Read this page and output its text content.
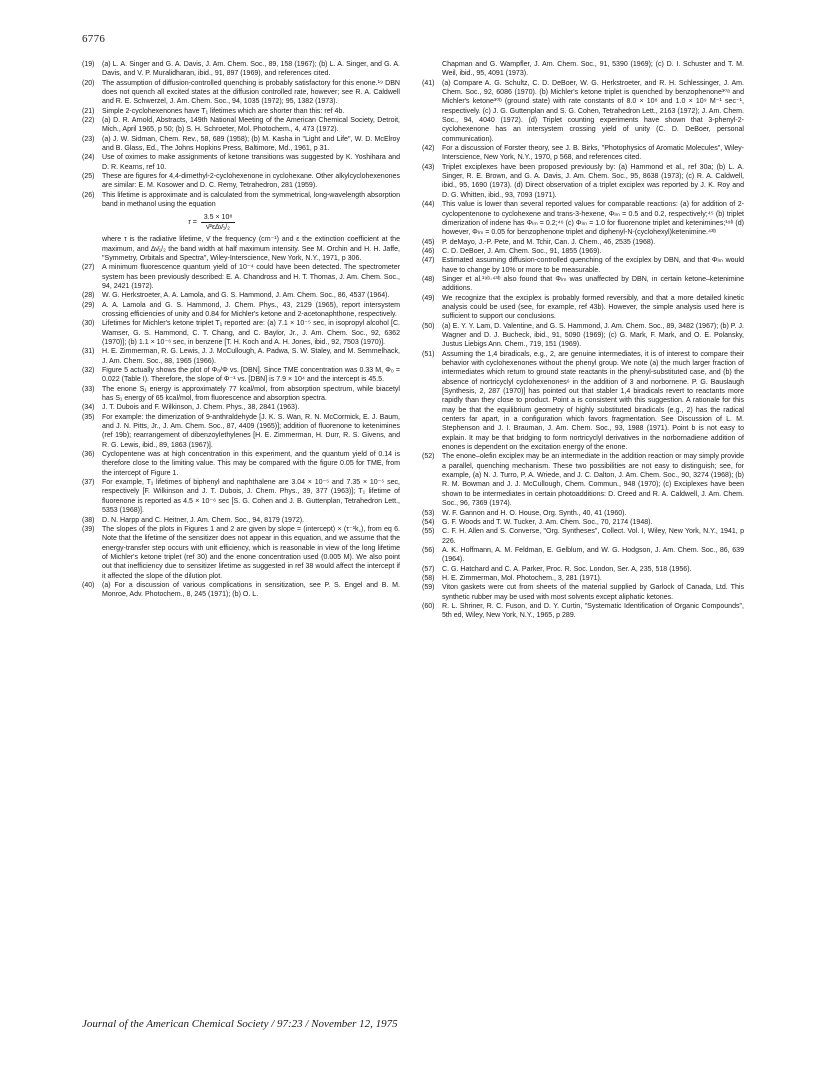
6776
(19)	(a) L. A. Singer and G. A. Davis, J. Am. Chem. Soc., 89, 158 (1967); (b) L. A. Singer, and G. A. Davis, and V. P. Muralidharan, ibid., 91, 897 (1969), and references cited.
(20)	The assumption of diffusion-controlled quenching is probably satisfactory for this enone.¹⁹ DBN does not quench all excited states at the diffusion controlled rate, however; see R. A. Caldwell and R. E. Schwerzel, J. Am. Chem. Soc., 94, 1035 (1972); 95, 1382 (1973).
(21)	Simple 2-cyclohexenones have T₁ lifetimes which are shorter than this: ref 4b.
(22)	(a) D. R. Arnold, Abstracts, 149th National Meeting of the American Chemical Society, Detroit, Mich., April 1965, p 50; (b) S. H. Schroeter, Mol. Photochem., 4, 473 (1972).
(23)	(a) J. W. Sidman, Chem. Rev., 58, 689 (1958); (b) M. Kasha in "Light and Life", W. D. McElroy and B. Glass, Ed., The Johns Hopkins Press, Baltimore, Md., 1961, p 31.
(24)	Use of oximes to make assignments of ketone transitions was suggested by K. Yoshihara and D. R. Kearns, ref 10.
(25)	These are figures for 4,4-dimethyl-2-cyclohexenone in cyclohexane. Other alkylcyclohexenones are similar: E. M. Kosower and D. C. Remy, Tetrahedron, 281 (1959).
(26)	This lifetime is approximate and is calculated from the symmetrical, long-wavelength absorption band in methanol using the equation
$\tau = \frac{\text{3.5 × 10⁸}}{\text{ν̄²ε∆ν̄₁/₂}}$
where τ is the radiative lifetime, ν̄ the frequency (cm⁻¹) and ε the extinction coefficient at the maximum, and ∆ν̄₁/₂ the band width at half maximum intensity. See M. Orchin and H. H. Jaffe, "Symmetry, Orbitals and Spectra", Wiley-Interscience, New York, N.Y., 1971, p 306.
(27)	A minimum fluorescence quantum yield of 10⁻⁴ could have been detected. The spectrometer system has been previously described: E. A. Chandross and H. T. Thomas, J. Am. Chem. Soc., 94, 2421 (1972).
(28)	W. G. Herkstroeter, A. A. Lamola, and G. S. Hammond, J. Am. Chem. Soc., 86, 4537 (1964).
(29)	A. A. Lamola and G. S. Hammond, J. Chem. Phys., 43, 2129 (1965), report intersystem crossing efficiencies of unity and 0.84 for Michler's ketone and 2-acetonaphthone, respectively.
(30)	Lifetimes for Michler's ketone triplet T₁ reported are: (a) 7.1 × 10⁻⁵ sec, in isopropyl alcohol [C. Wamser, G. S. Hammond, C. T. Chang, and C. Baylor, Jr., J. Am. Chem. Soc., 92, 6362 (1970)]; (b) 1.1 × 10⁻⁶ sec, in benzene [T. H. Koch and A. H. Jones, ibid., 92, 7503 (1970)].
(31)	H. E. Zimmerman, R. G. Lewis, J. J. McCullough, A. Padwa, S. W. Staley, and M. Semmelhack, J. Am. Chem. Soc., 88, 1965 (1966).
(32)	Figure 5 actually shows the plot of Φ₀/Φ vs. [DBN]. Since TME concentration was 0.33 M, Φ₀ = 0.022 (Table I). Therefore, the slope of Φ⁻¹ vs. [DBN] is 7.9 × 10⁴ and the intercept is 45.5.
(33)	The enone S₁ energy is approximately 77 kcal/mol, from absorption spectrum, while biacetyl has S₁ energy of 65 kcal/mol, from fluorescence and absorption spectra.
(34)	J. T. Dubois and F. Wilkinson, J. Chem. Phys., 38, 2841 (1963).
(35)	For example: the dimerization of 9-anthraldehyde [J. K. S. Wan, R. N. McCormick, E. J. Baum, and J. N. Pitts, Jr., J. Am. Chem. Soc., 87, 4409 (1965)]; addition of fluorenone to ketenimines (ref 19b); rearrangement of dibenzoylethylenes [H. E. Zimmerman, H. Durr, R. S. Givens, and R. G. Lewis, ibid., 89, 1863 (1967)].
(36)	Cyclopentene was at high concentration in this experiment, and the quantum yield of 0.14 is therefore close to the limiting value. This may be compared with the figure 0.05 for TME, from the intercept of Figure 1.
(37)	For example, T₁ lifetimes of biphenyl and naphthalene are 3.04 × 10⁻⁵ and 7.35 × 10⁻⁵ sec, respectively [F. Wilkinson and J. T. Dubois, J. Chem. Phys., 39, 377 (1963)]; T₁ lifetime of fluorenone is reported as 4.5 × 10⁻⁶ sec [S. G. Cohen and J. B. Guttenplan, Tetrahedron Lett., 5353 (1968)].
(38)	D. N. Harpp and C. Heitner, J. Am. Chem. Soc., 94, 8179 (1972).
(39)	The slopes of the plots in Figures 1 and 2 are given by slope = (intercept) × (τ⁻¹k꜀), from eq 6. Note that the lifetime of the sensitizer does not appear in this equation, and we assume that the energy-transfer step occurs with unit efficiency, which is reasonable in view of the long lifetime of Michler's ketone triplet (ref 30) and the enone concentration used (0.005 M). We also point out that inefficiency due to sensitizer lifetime as suggested in ref 38 would affect the intercept if it affected the slope of the dilution plot.
(40)	(a) For a discussion of various complications in sensitization, see P. S. Engel and B. M. Monroe, Adv. Photochem., 8, 245 (1971); (b) O. L.
Chapman and G. Wampfler, J. Am. Chem. Soc., 91, 5390 (1969); (c) D. I. Schuster and T. M. Weil, ibid., 95, 4091 (1973).
(41)	(a) Compare A. G. Schultz, C. D. DeBoer, W. G. Herkstroeter, and R. H. Schlessinger, J. Am. Chem. Soc., 92, 6086 (1970). (b) Michler's ketone triplet is quenched by benzophenone³⁰ᵃ and Michler's ketone³⁰ᵇ (ground state) with rate constants of 8.0 × 10⁸ and 1.0 × 10⁹ M⁻¹ sec⁻¹, respectively. (c) J. G. Guttenplan and S. G. Cohen, Tetrahedron Lett., 2163 (1972); J. Am. Chem. Soc., 94, 4040 (1972). (d) Triplet counting experiments have shown that 3-phenyl-2-cyclohexenone has an intersystem crossing yield of unity (C. D. DeBoer, personal communication).
(42)	For a discussion of Forster theory, see J. B. Birks, "Photophysics of Aromatic Molecules", Wiley-Interscience, New York, N.Y., 1970, p 568, and references cited.
(43)	Triplet exciplexes have been proposed previously by: (a) Hammond et al., ref 30a; (b) L. A. Singer, R. E. Brown, and G. A. Davis, J. Am. Chem. Soc., 95, 8638 (1973); (c) R. A. Caldwell, ibid., 95, 1690 (1973). (d) Direct observation of a triplet exciplex was reported by J. K. Roy and D. G. Whitten, ibid., 93, 7093 (1971).
(44)	This value is lower than several reported values for comparable reactions: (a) for addition of 2-cyclopentenone to cyclohexene and trans-3-hexene, Φₗₘ = 0.5 and 0.2, respectively;⁴⁵ (b) triplet dimerization of indene has Φₗₘ = 0.2;⁴⁶ (c) Φₗₘ = 1.0 for fluorenone triplet and ketenimines;¹⁹ᵇ (d) however, Φₗₘ = 0.05 for benzophenone triplet and diphenyl-N-(cyclohexyl)ketenimine.⁴³ᵇ
(45)	P. deMayo, J.-P. Pete, and M. Tchir, Can. J. Chem., 46, 2535 (1968).
(46)	C. D. DeBoer, J. Am. Chem. Soc., 91, 1855 (1969).
(47)	Estimated assuming diffusion-controlled quenching of the exciplex by DBN, and that Φₗₘ would have to change by 10% or more to be measurable.
(48)	Singer et al.¹⁹ᵇ·⁴³ᵇ also found that Φₗₘ was unaffected by DBN, in certain ketone–ketenimine additions.
(49)	We recognize that the exciplex is probably formed reversibly, and that a more detailed kinetic analysis could be used (see, for example, ref 43b). However, the simple analysis used here is sufficient to support our conclusions.
(50)	(a) E. Y. Y. Lam, D. Valentine, and G. S. Hammond, J. Am. Chem. Soc., 89, 3482 (1967); (b) P. J. Wagner and D. J. Bucheck, ibid., 91, 5090 (1969); (c) G. Mark, F. Mark, and O. E. Polansky, Justus Liebigs Ann. Chem., 719, 151 (1969).
(51)	Assuming the 1,4 biradicals, e.g., 2, are genuine intermediates, it is of interest to compare their behavior with cyclohexenones without the phenyl group. We note (a) the much larger fraction of intermediates which return to ground state reactants in the phenyl-substituted case, and (b) the absence of nortricyclyl cyclohexenones⁶ in the addition of 3 and norbornene. P. G. Bauslaugh [Synthesis, 2, 287 (1970)] has pointed out that stabler 1,4 biradicals revert to reactants more rapidly than they close to product. Point a is consistent with this suggestion. A rationale for this may be that the equilibrium geometry of highly substituted biradicals (e.g., 2) has the radical centers far apart, in a configuration which favors fragmentation. See Discussion of L. M. Stephenson and J. I. Brauman, J. Am. Chem. Soc., 93, 1988 (1971). Point b is not easy to explain. It may be that bridging to form nortricyclyl derivatives in the norbornadiene addition of enones is dependent on the excitation energy of the enone.
(52)	The enone–olefin exciplex may be an intermediate in the addition reaction or may simply provide a parallel, quenching mechanism. These two possibilities are not easy to distinguish; see, for example, (a) N. J. Turro, P. A. Wriede, and J. C. Dalton, J. Am. Chem. Soc., 90, 3274 (1968); (b) R. M. Bowman and J. J. McCullough, Chem. Commun., 948 (1970); (c) Exciplexes have been shown to be intermediates in certain photoadditions: D. Creed and R. A. Caldwell, J. Am. Chem. Soc., 96, 7369 (1974).
(53)	W. F. Gannon and H. O. House, Org. Synth., 40, 41 (1960).
(54)	G. F. Woods and T. W. Tucker, J. Am. Chem. Soc., 70, 2174 (1948).
(55)	C. F. H. Allen and S. Converse, "Org. Syntheses", Collect. Vol. I, Wiley, New York, N.Y., 1941, p 226.
(56)	A. K. Hoffmann, A. M. Feldman, E. Gelblum, and W. G. Hodgson, J. Am. Chem. Soc., 86, 639 (1964).
(57)	C. G. Hatchard and C. A. Parker, Proc. R. Soc. London, Ser. A, 235, 518 (1956).
(58)	H. E. Zimmerman, Mol. Photochem., 3, 281 (1971).
(59)	Viton gaskets were cut from sheets of the material supplied by Garlock of Canada, Ltd. This synthetic rubber may be used with most solvents except aliphatic ketones.
(60)	R. L. Shriner, R. C. Fuson, and D. Y. Curtin, "Systematic Identification of Organic Compounds", 5th ed, Wiley, New York, N.Y., 1965, p 289.
Journal of the American Chemical Society / 97:23 / November 12, 1975
